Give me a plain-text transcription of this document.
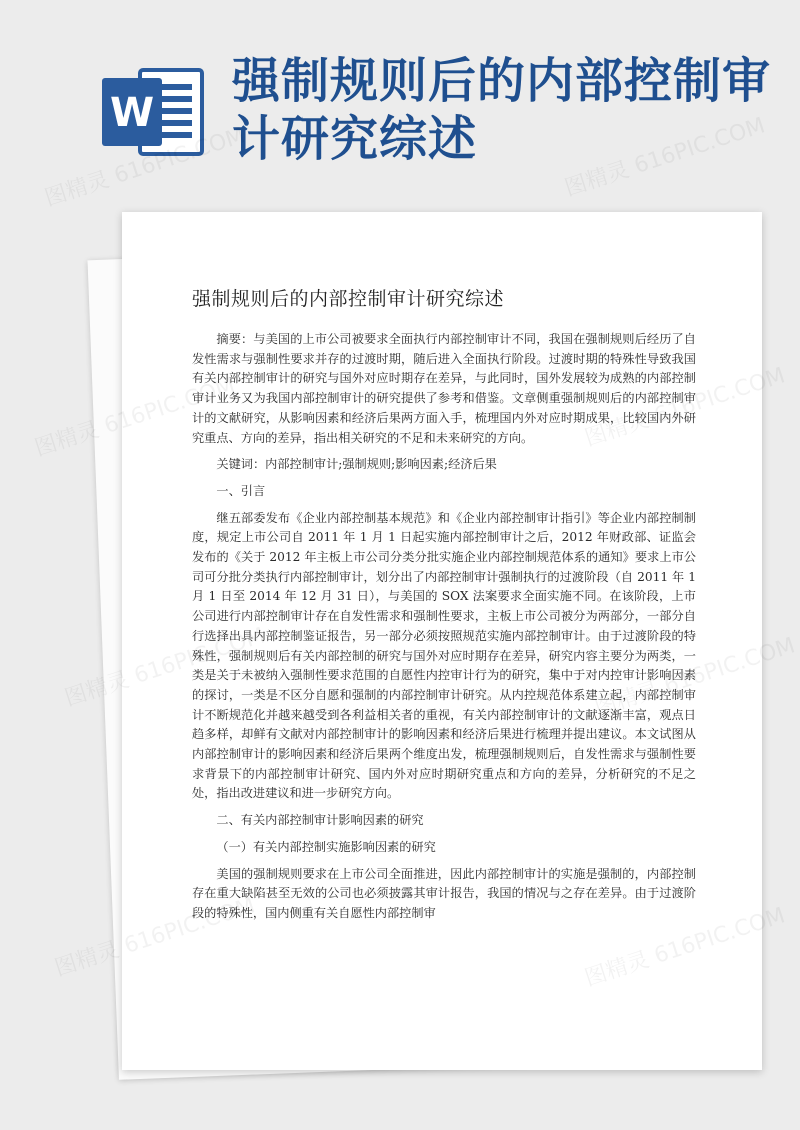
W
强制规则后的内部控制审计研究综述
强制规则后的内部控制审计研究综述

摘要：与美国的上市公司被要求全面执行内部控制审计不同，我国在强制规则后经历了自发性需求与强制性要求并存的过渡时期，随后进入全面执行阶段。过渡时期的特殊性导致我国有关内部控制审计的研究与国外对应时期存在差异，与此同时，国外发展较为成熟的内部控制审计业务又为我国内部控制审计的研究提供了参考和借鉴。文章侧重强制规则后的内部控制审计的文献研究，从影响因素和经济后果两方面入手，梳理国内外对应时期成果，比较国内外研究重点、方向的差异，指出相关研究的不足和未来研究的方向。

关键词：内部控制审计;强制规则;影响因素;经济后果

一、引言

继五部委发布《企业内部控制基本规范》和《企业内部控制审计指引》等企业内部控制制度，规定上市公司自 2011 年 1 月 1 日起实施内部控制审计之后，2012 年财政部、证监会发布的《关于 2012 年主板上市公司分类分批实施企业内部控制规范体系的通知》要求上市公司可分批分类执行内部控制审计，划分出了内部控制审计强制执行的过渡阶段（自 2011 年 1 月 1 日至 2014 年 12 月 31 日），与美国的 SOX 法案要求全面实施不同。在该阶段，上市公司进行内部控制审计存在自发性需求和强制性要求，主板上市公司被分为两部分，一部分自行选择出具内部控制鉴证报告，另一部分必须按照规范实施内部控制审计。由于过渡阶段的特殊性，强制规则后有关内部控制的研究与国外对应时期存在差异，研究内容主要分为两类，一类是关于未被纳入强制性要求范围的自愿性内控审计行为的研究，集中于对内控审计影响因素的探讨，一类是不区分自愿和强制的内部控制审计研究。从内控规范体系建立起，内部控制审计不断规范化并越来越受到各利益相关者的重视，有关内部控制审计的文献逐渐丰富，观点日趋多样，却鲜有文献对内部控制审计的影响因素和经济后果进行梳理并提出建议。本文试图从内部控制审计的影响因素和经济后果两个维度出发，梳理强制规则后，自发性需求与强制性要求背景下的内部控制审计研究、国内外对应时期研究重点和方向的差异，分析研究的不足之处，指出改进建议和进一步研究方向。

二、有关内部控制审计影响因素的研究

（一）有关内部控制实施影响因素的研究

美国的强制规则要求在上市公司全面推进，因此内部控制审计的实施是强制的，内部控制存在重大缺陷甚至无效的公司也必须披露其审计报告，我国的情况与之存在差异。由于过渡阶段的特殊性，国内侧重有关自愿性内部控制审

图精灵 616PIC.COM	图精灵 616PIC.COM
图精灵
图精灵
图精灵
